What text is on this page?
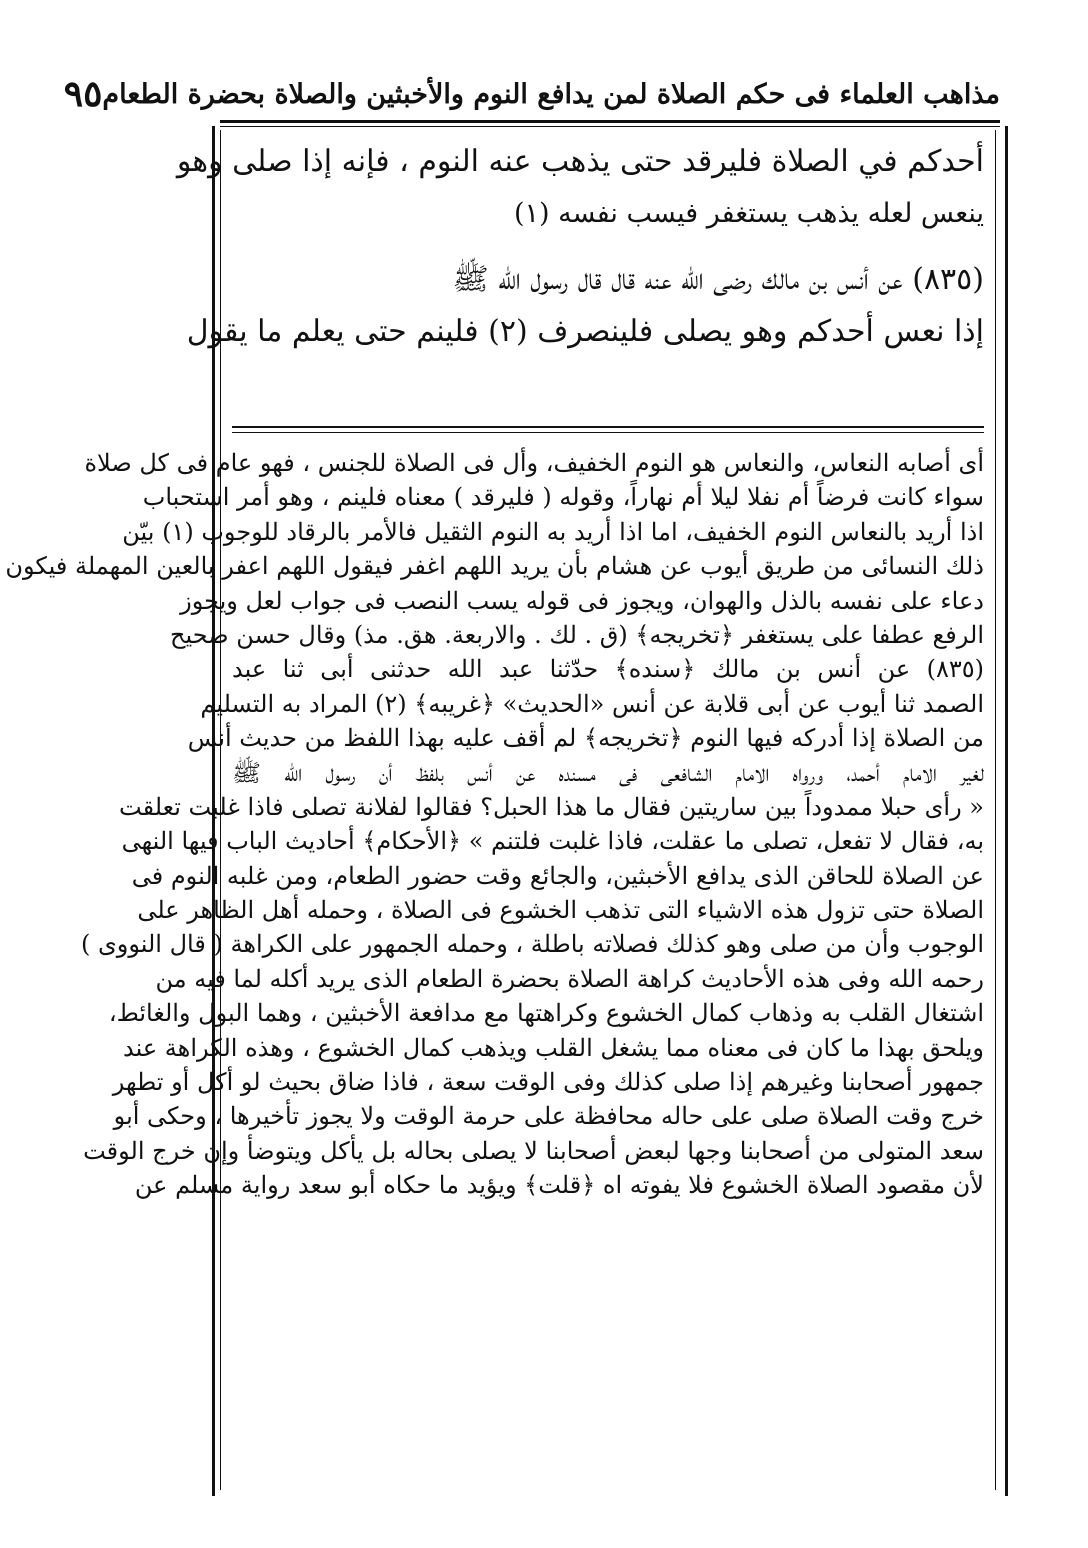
مذاهب العلماء فى حكم الصلاة لمن يدافع النوم والأخبثين والصلاة بحضرة الطعام
٩٥
أحدكم في الصلاة فليرقد حتى يذهب عنه النوم ، فإنه إذا صلى وهو
ينعس لعله يذهب يستغفر فيسب نفسه (١)
(٨٣٥) عن أنس بن مالك رضى الله عنه قال قال رسول الله ﷺ
إذا نعس أحدكم وهو يصلى فلينصرف (٢) فلينم حتى يعلم ما يقول
أى أصابه النعاس، والنعاس هو النوم الخفيف، وأل فى الصلاة للجنس ، فهو عام فى كل صلاة
سواء كانت فرضاً أم نفلا ليلا أم نهاراً، وقوله ( فليرقد ) معناه فلينم ، وهو أمر استحباب
اذا أريد بالنعاس النوم الخفيف، اما اذا أريد به النوم الثقيل فالأمر بالرقاد للوجوب (١) بيّن
ذلك النسائى من طريق أيوب عن هشام بأن يريد اللهم اغفر فيقول اللهم اعفر بالعين المهملة فيكون
دعاء على نفسه بالذل والهوان، ويجوز فى قوله يسب النصب فى جواب لعل ويجوز
الرفع عطفا على يستغفر ﴿تخريجه﴾ (ق . لك . والاربعة. هق. مذ) وقال حسن صحيح
(٨٣٥) عن أنس بن مالك ﴿سنده﴾ حدّثنا عبد الله حدثنى أبى ثنا عبد
الصمد ثنا أيوب عن أبى قلابة عن أنس «الحديث» ﴿غريبه﴾ (٢) المراد به التسليم
من الصلاة إذا أدركه فيها النوم ﴿تخريجه﴾ لم أقف عليه بهذا اللفظ من حديث أنس
لغير الامام أحمد، ورواه الامام الشافعى فى مسنده عن أنس بلفظ أن رسول الله ﷺ
« رأى حبلا ممدوداً بين ساريتين فقال ما هذا الحبل؟ فقالوا لفلانة تصلى فاذا غلبت تعلقت
به، فقال لا تفعل، تصلى ما عقلت، فاذا غلبت فلتنم » ﴿الأحكام﴾ أحاديث الباب فيها النهى
عن الصلاة للحاقن الذى يدافع الأخبثين، والجائع وقت حضور الطعام، ومن غلبه النوم فى
الصلاة حتى تزول هذه الاشياء التى تذهب الخشوع فى الصلاة ، وحمله أهل الظاهر على
الوجوب وأن من صلى وهو كذلك فصلاته باطلة ، وحمله الجمهور على الكراهة ( قال النووى )
رحمه الله وفى هذه الأحاديث كراهة الصلاة بحضرة الطعام الذى يريد أكله لما فيه من
اشتغال القلب به وذهاب كمال الخشوع وكراهتها مع مدافعة الأخبثين ، وهما البول والغائط،
ويلحق بهذا ما كان فى معناه مما يشغل القلب ويذهب كمال الخشوع ، وهذه الكراهة عند
جمهور أصحابنا وغيرهم إذا صلى كذلك وفى الوقت سعة ، فاذا ضاق بحيث لو أكل أو تطهر
خرج وقت الصلاة صلى على حاله محافظة على حرمة الوقت ولا يجوز تأخيرها ، وحكى أبو
سعد المتولى من أصحابنا وجها لبعض أصحابنا لا يصلى بحاله بل يأكل ويتوضأ وإن خرج الوقت
لأن مقصود الصلاة الخشوع فلا يفوته اه ﴿قلت﴾ ويؤيد ما حكاه أبو سعد رواية مسلم عن
